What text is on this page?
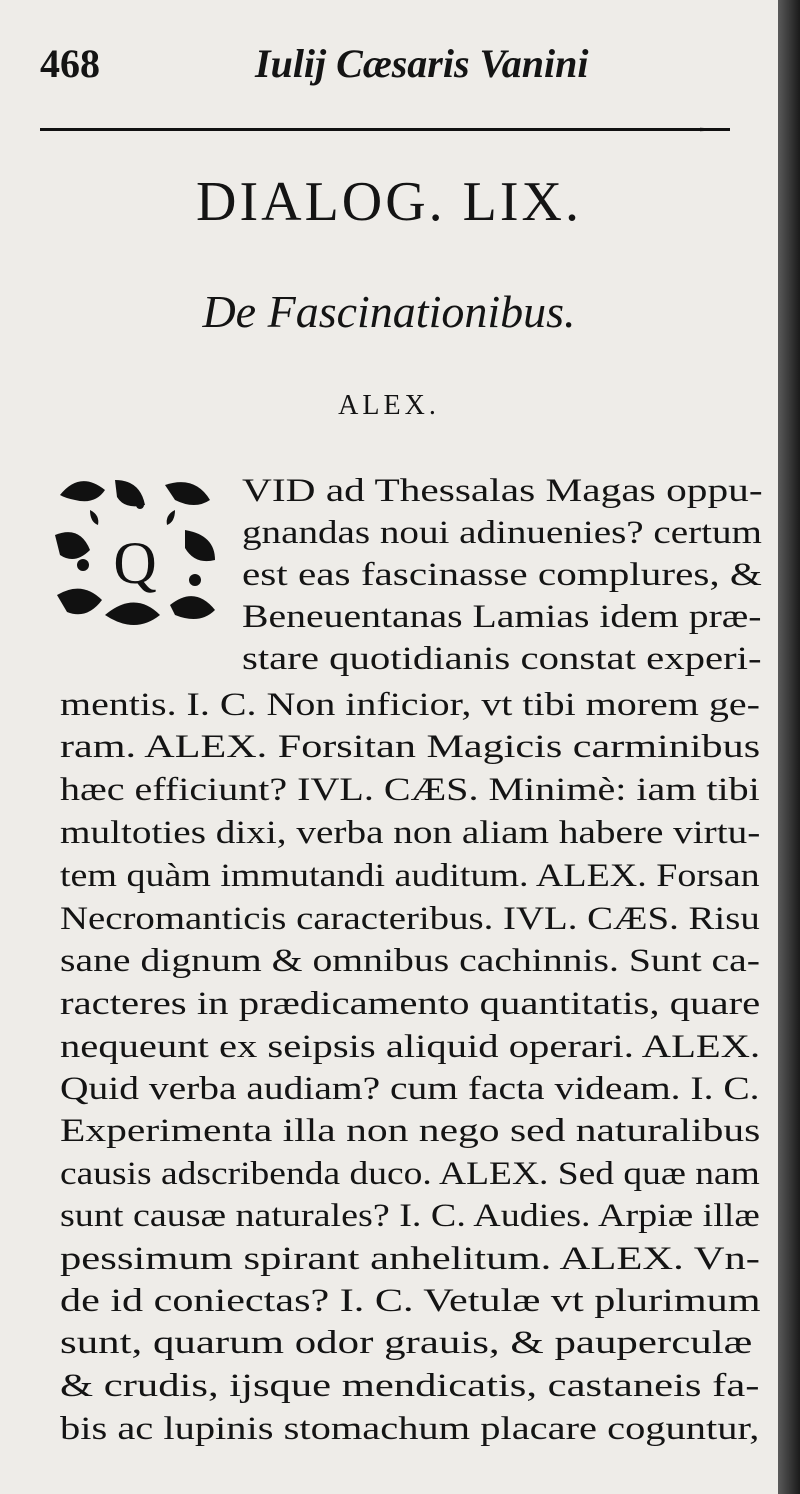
468	Iulij Cæsaris Vanini
DIALOG. LIX.
De Fascinationibus.
ALEX.
Q
VID ad Thessalas Magas oppu-
gnandas noui adinuenies? certum
est eas fascinasse complures, &
Beneuentanas Lamias idem præ-
stare quotidianis constat experi-
mentis. I. C. Non inficior, vt tibi morem ge-
ram. ALEX. Forsitan Magicis carminibus
hæc efficiunt? IVL. CÆS. Minimè: iam tibi
multoties dixi, verba non aliam habere virtu-
tem quàm immutandi auditum. ALEX. Forsan
Necromanticis caracteribus. IVL. CÆS. Risu
sane dignum & omnibus cachinnis. Sunt ca-
racteres in prædicamento quantitatis, quare
nequeunt ex seipsis aliquid operari. ALEX.
Quid verba audiam? cum facta videam. I. C.
Experimenta illa non nego sed naturalibus
causis adscribenda duco. ALEX. Sed quæ nam
sunt causæ naturales? I. C. Audies. Arpiæ illæ
pessimum spirant anhelitum. ALEX. Vn-
de id coniectas? I. C. Vetulæ vt plurimum
sunt, quarum odor grauis, & pauperculæ
& crudis, ijsque mendicatis, castaneis fa-
bis ac lupinis stomachum placare coguntur,
